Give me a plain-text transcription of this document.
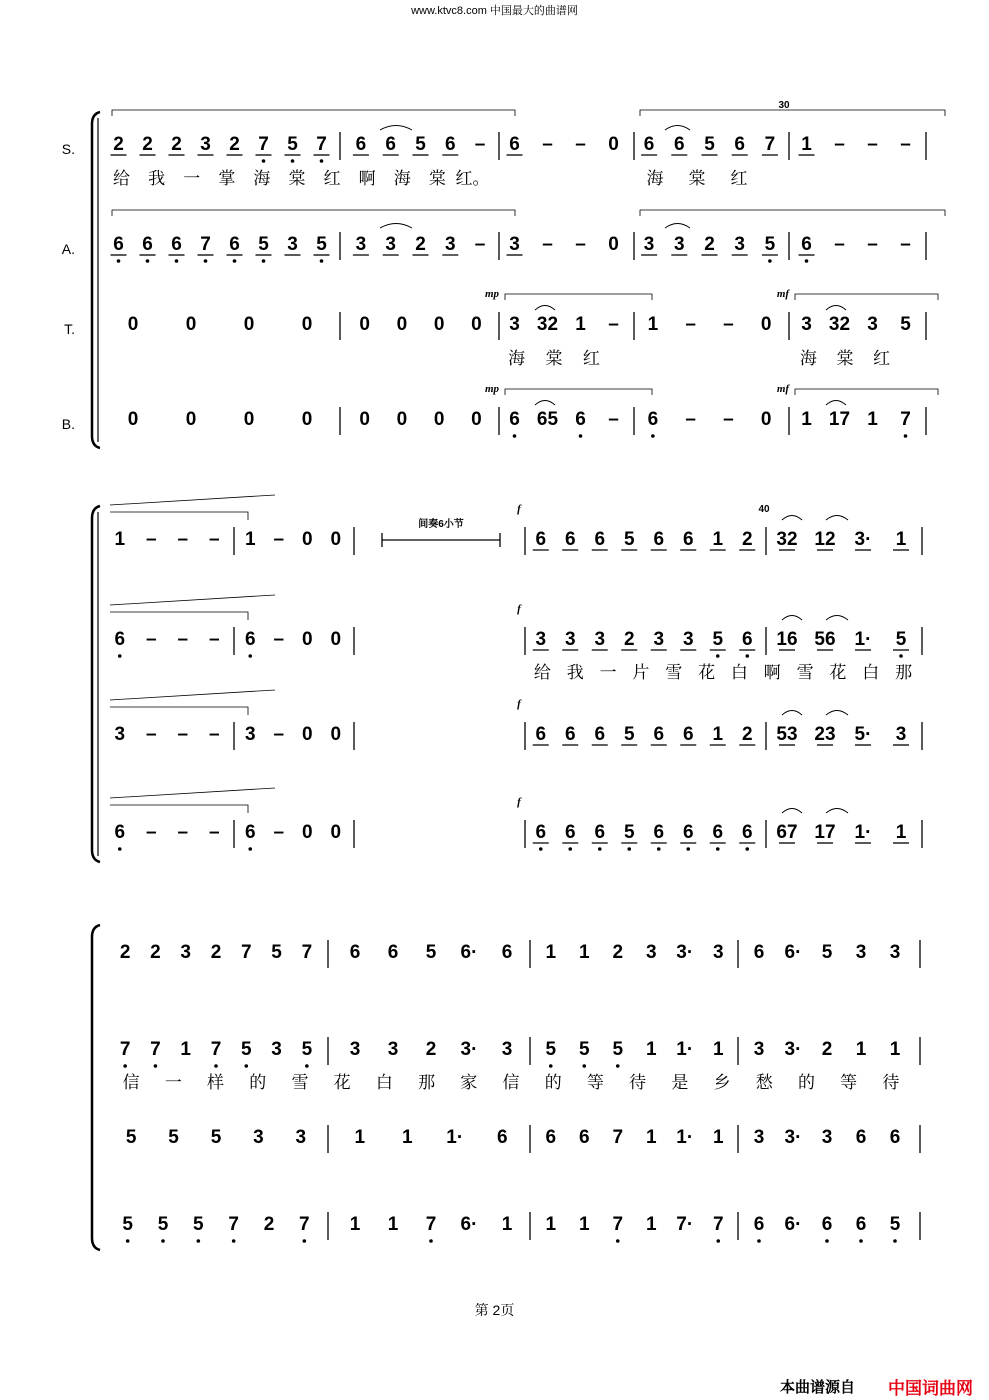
www.ktvc8.com 中国最大的曲谱网
S.
A.
T.
B.
2 2 2 3 2 7 5 7 6 6 5 6 – 6 – – 0 6 6 5 6 7 1 – – –
6 6 6 7 6 5 3 5 3 3 2 3 – 3 – – 0 3 3 2 3 5 6 – – –
0 0 0 0 0 0 0 0 3 32 1 – 1 – – 0 3 32 3 5
mp	mf
0 0 0 0 0 0 0 0 6 65 6 – 6 – – 0 1 17 1 7
mp	mf
30
给 我 一 掌 海 棠 红 啊 海 棠 红。	海 棠 红
海 棠 红	海 棠 红
1 – – – 1 – 0 0	6 6 6 5 6 6 1 2 32 12 3· 1
f
6 – – – 6 – 0 0	3 3 3 2 3 3 5 6 16 56 1· 5
f
3 – – – 3 – 0 0	6 6 6 5 6 6 1 2 53 23 5· 3
f
6 – – – 6 – 0 0	6 6 6 5 6 6 6 6 67 17 1· 1
f
40
给 我 一 片 雪 花 白 啊 雪 花 白 那
间奏6小节
2 2 3 2 7 5 7 6 6 5 6· 6 1 1 2 3 3· 3 6 6· 5 3 3
7 7 1 7 5 3 5 3 3 2 3· 3 5 5 5 1 1· 1 3 3· 2 1 1
5 5 5 3 3	1 1 1· 6 6 6 7 1 1· 1 3 3· 3 6 6
5 5 5 7 2 7 1 1 7 6· 1 1 1 7 1 7· 7 6 6· 6 6 5
信 一 样 的 雪 花 白 那 家 信 的 等 待 是 乡 愁 的 等 待
第 2页
本曲谱源自 中国词曲网
